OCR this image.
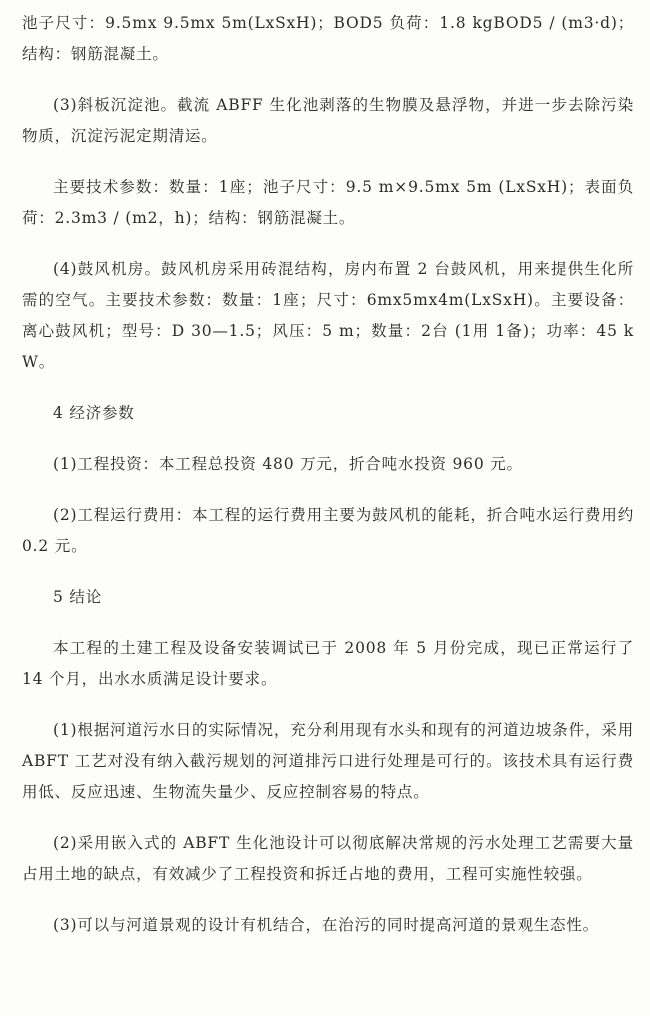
池子尺寸：9.5mx 9.5mx 5m(LxSxH)；BOD5 负荷：1.8 kgBOD5 / (m3·d)；结构：钢筋混凝土。

(3)斜板沉淀池。截流 ABFF 生化池剥落的生物膜及悬浮物，并进一步去除污染物质，沉淀污泥定期清运。

主要技术参数：数量：1座；池子尺寸：9.5 m×9.5mx 5m (LxSxH)；表面负荷：2.3m3 / (m2，h)；结构：钢筋混凝土。

(4)鼓风机房。鼓风机房采用砖混结构，房内布置 2 台鼓风机，用来提供生化所需的空气。主要技术参数：数量：1座；尺寸：6mx5mx4m(LxSxH)。主要设备：离心鼓风机；型号：D 30—1.5；风压：5 m；数量：2台 (1用 1备)；功率：45 kW。

4 经济参数

(1)工程投资：本工程总投资 480 万元，折合吨水投资 960 元。

(2)工程运行费用：本工程的运行费用主要为鼓风机的能耗，折合吨水运行费用约 0.2 元。

5 结论

本工程的土建工程及设备安装调试已于 2008 年 5 月份完成，现已正常运行了 14 个月，出水水质满足设计要求。

(1)根据河道污水日的实际情况，充分利用现有水头和现有的河道边坡条件，采用 ABFT 工艺对没有纳入截污规划的河道排污口进行处理是可行的。该技术具有运行费用低、反应迅速、生物流失量少、反应控制容易的特点。

(2)采用嵌入式的 ABFT 生化池设计可以彻底解决常规的污水处理工艺需要大量占用土地的缺点，有效减少了工程投资和拆迁占地的费用，工程可实施性较强。

(3)可以与河道景观的设计有机结合，在治污的同时提高河道的景观生态性。
